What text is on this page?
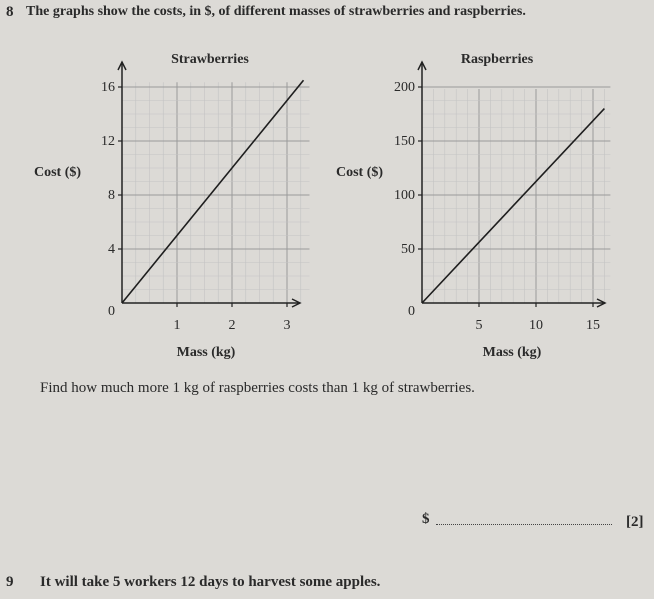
8 The graphs show the costs, in $, of different masses of strawberries and raspberries.
0
4
8
12
16
1	2	3
Strawberries
Cost ($)
Mass (kg)
0
50
100
150
200
5	10	15
Raspberries
Cost ($)
Mass (kg)
Find how much more 1 kg of raspberries costs than 1 kg of strawberries.
$	[2]
9 It will take 5 workers 12 days to harvest some apples.
